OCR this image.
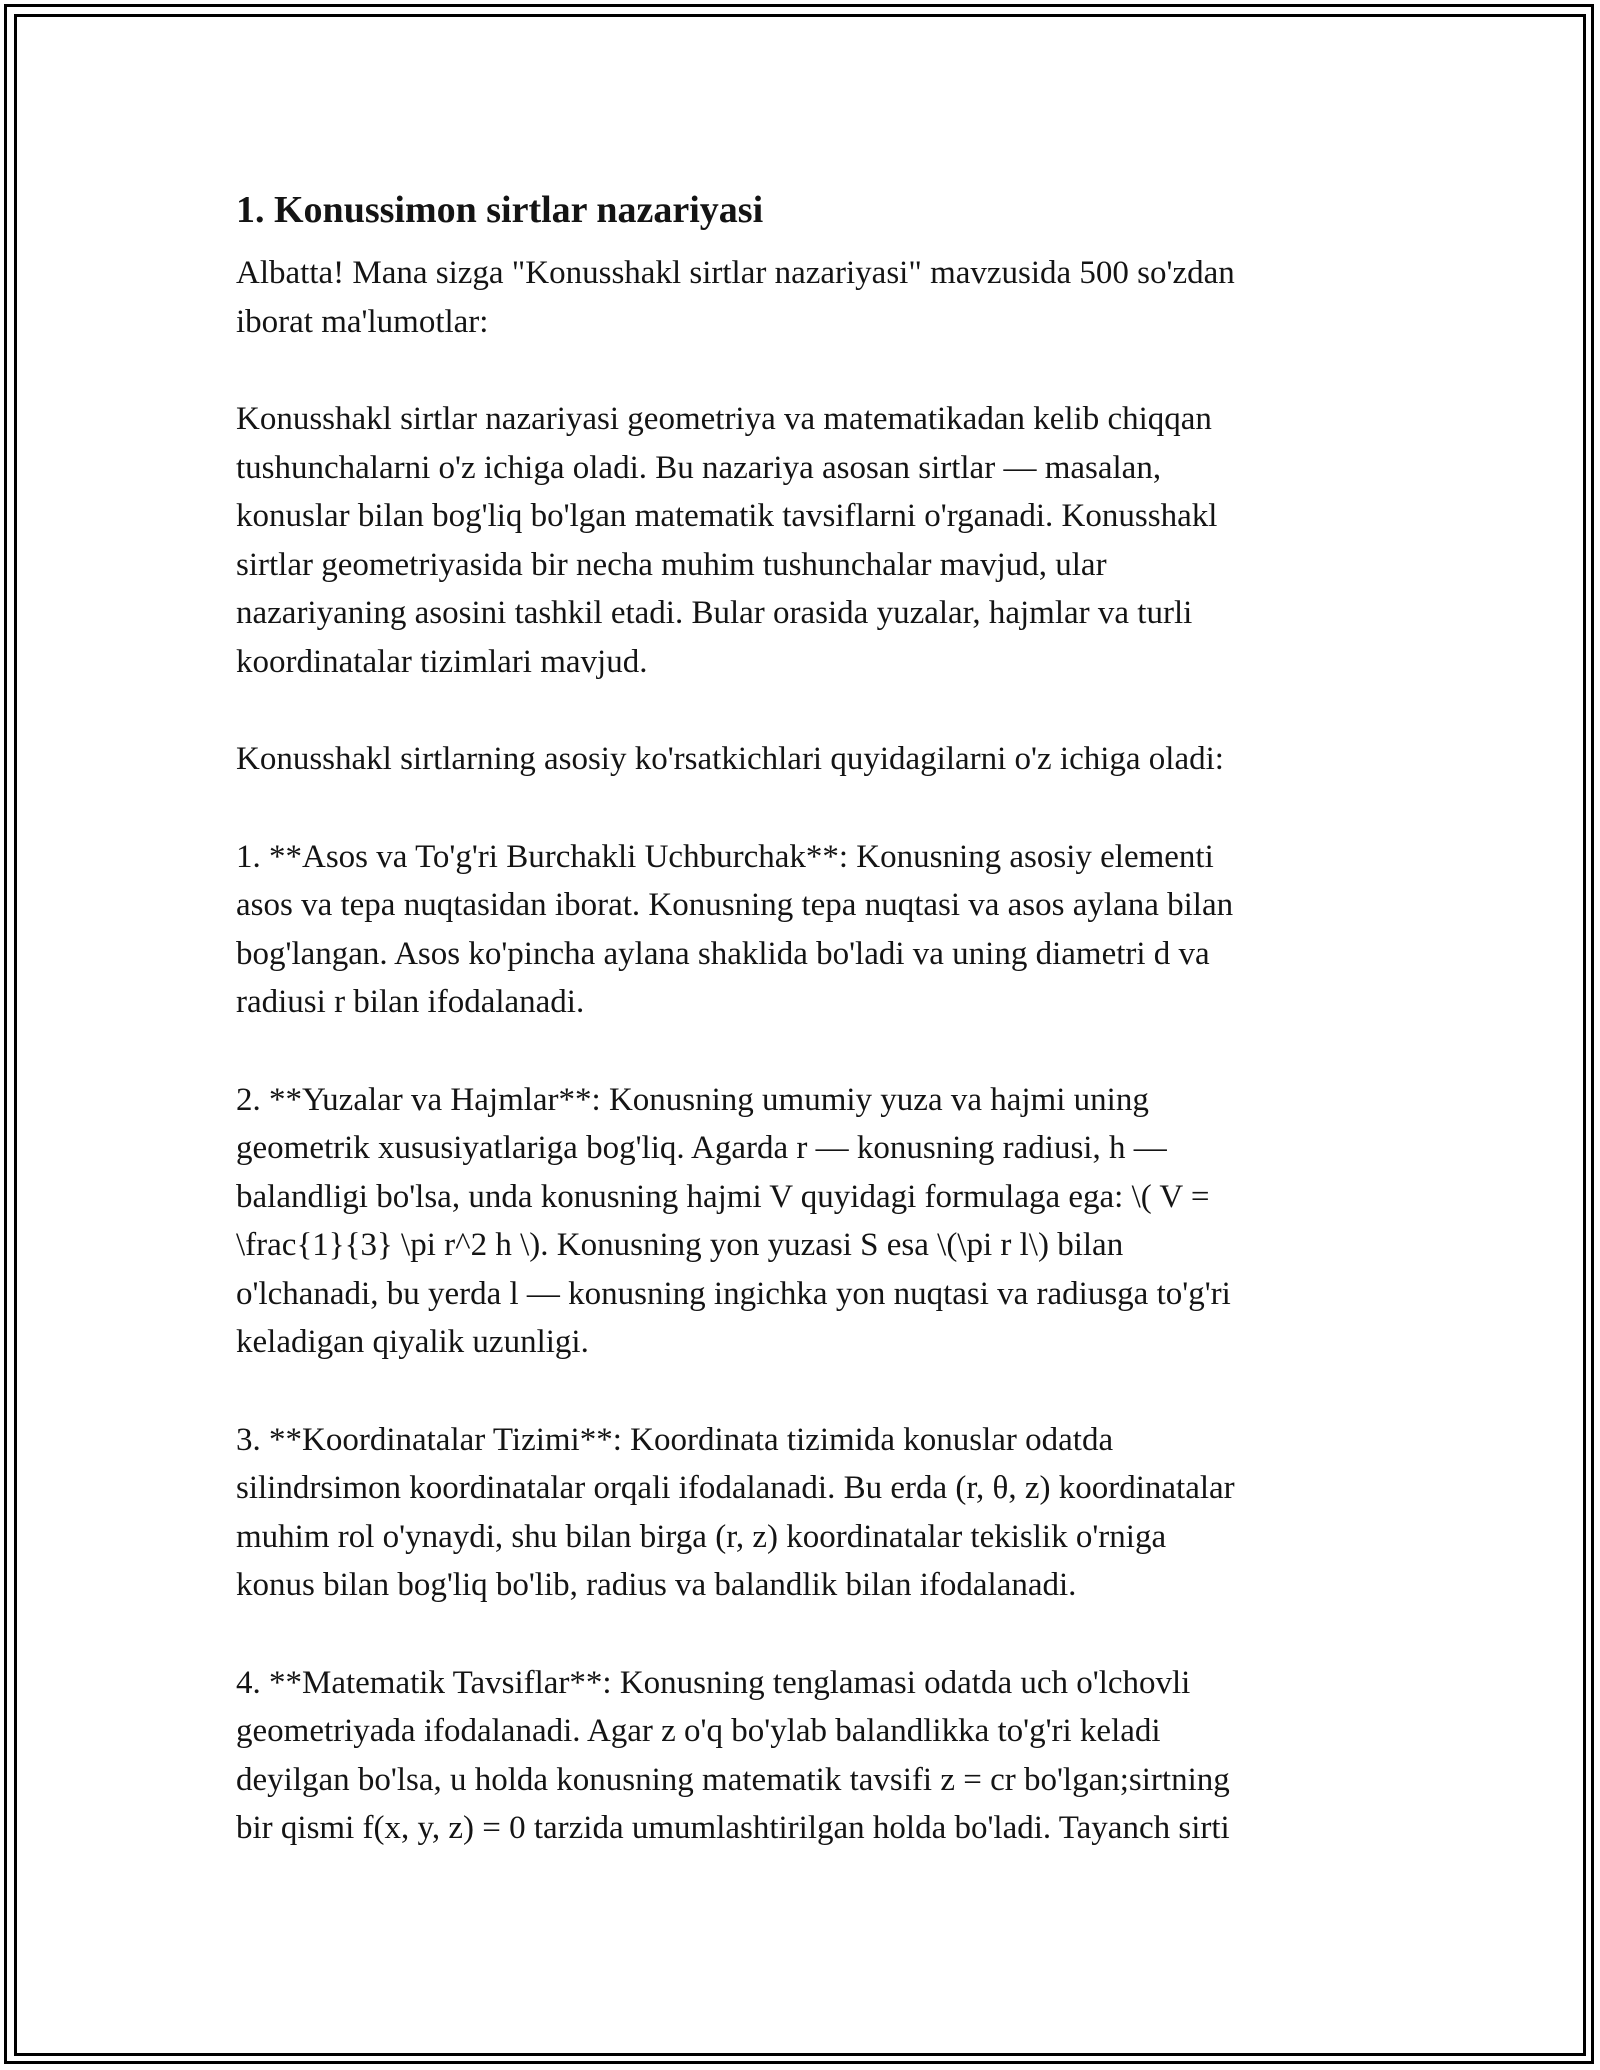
1. Konussimon sirtlar nazariyasi
Albatta! Mana sizga "Konusshakl sirtlar nazariyasi" mavzusida 500 so'zdan
iborat ma'lumotlar:
Konusshakl sirtlar nazariyasi geometriya va matematikadan kelib chiqqan
tushunchalarni o'z ichiga oladi. Bu nazariya asosan sirtlar — masalan,
konuslar bilan bog'liq bo'lgan matematik tavsiflarni o'rganadi. Konusshakl
sirtlar geometriyasida bir necha muhim tushunchalar mavjud, ular
nazariyaning asosini tashkil etadi. Bular orasida yuzalar, hajmlar va turli
koordinatalar tizimlari mavjud.
Konusshakl sirtlarning asosiy ko'rsatkichlari quyidagilarni o'z ichiga oladi:
1. **Asos va To'g'ri Burchakli Uchburchak**: Konusning asosiy elementi
asos va tepa nuqtasidan iborat. Konusning tepa nuqtasi va asos aylana bilan
bog'langan. Asos ko'pincha aylana shaklida bo'ladi va uning diametri d va
radiusi r bilan ifodalanadi.
2. **Yuzalar va Hajmlar**: Konusning umumiy yuza va hajmi uning
geometrik xususiyatlariga bog'liq. Agarda r — konusning radiusi, h —
balandligi bo'lsa, unda konusning hajmi V quyidagi formulaga ega: \( V =
\frac{1}{3} \pi r^2 h \). Konusning yon yuzasi S esa \(\pi r l\) bilan
o'lchanadi, bu yerda l — konusning ingichka yon nuqtasi va radiusga to'g'ri
keladigan qiyalik uzunligi.
3. **Koordinatalar Tizimi**: Koordinata tizimida konuslar odatda
silindrsimon koordinatalar orqali ifodalanadi. Bu erda (r, θ, z) koordinatalar
muhim rol o'ynaydi, shu bilan birga (r, z) koordinatalar tekislik o'rniga
konus bilan bog'liq bo'lib, radius va balandlik bilan ifodalanadi.
4. **Matematik Tavsiflar**: Konusning tenglamasi odatda uch o'lchovli
geometriyada ifodalanadi. Agar z o'q bo'ylab balandlikka to'g'ri keladi
deyilgan bo'lsa, u holda konusning matematik tavsifi z = cr bo'lgan;sirtning
bir qismi f(x, y, z) = 0 tarzida umumlashtirilgan holda bo'ladi. Tayanch sirti
